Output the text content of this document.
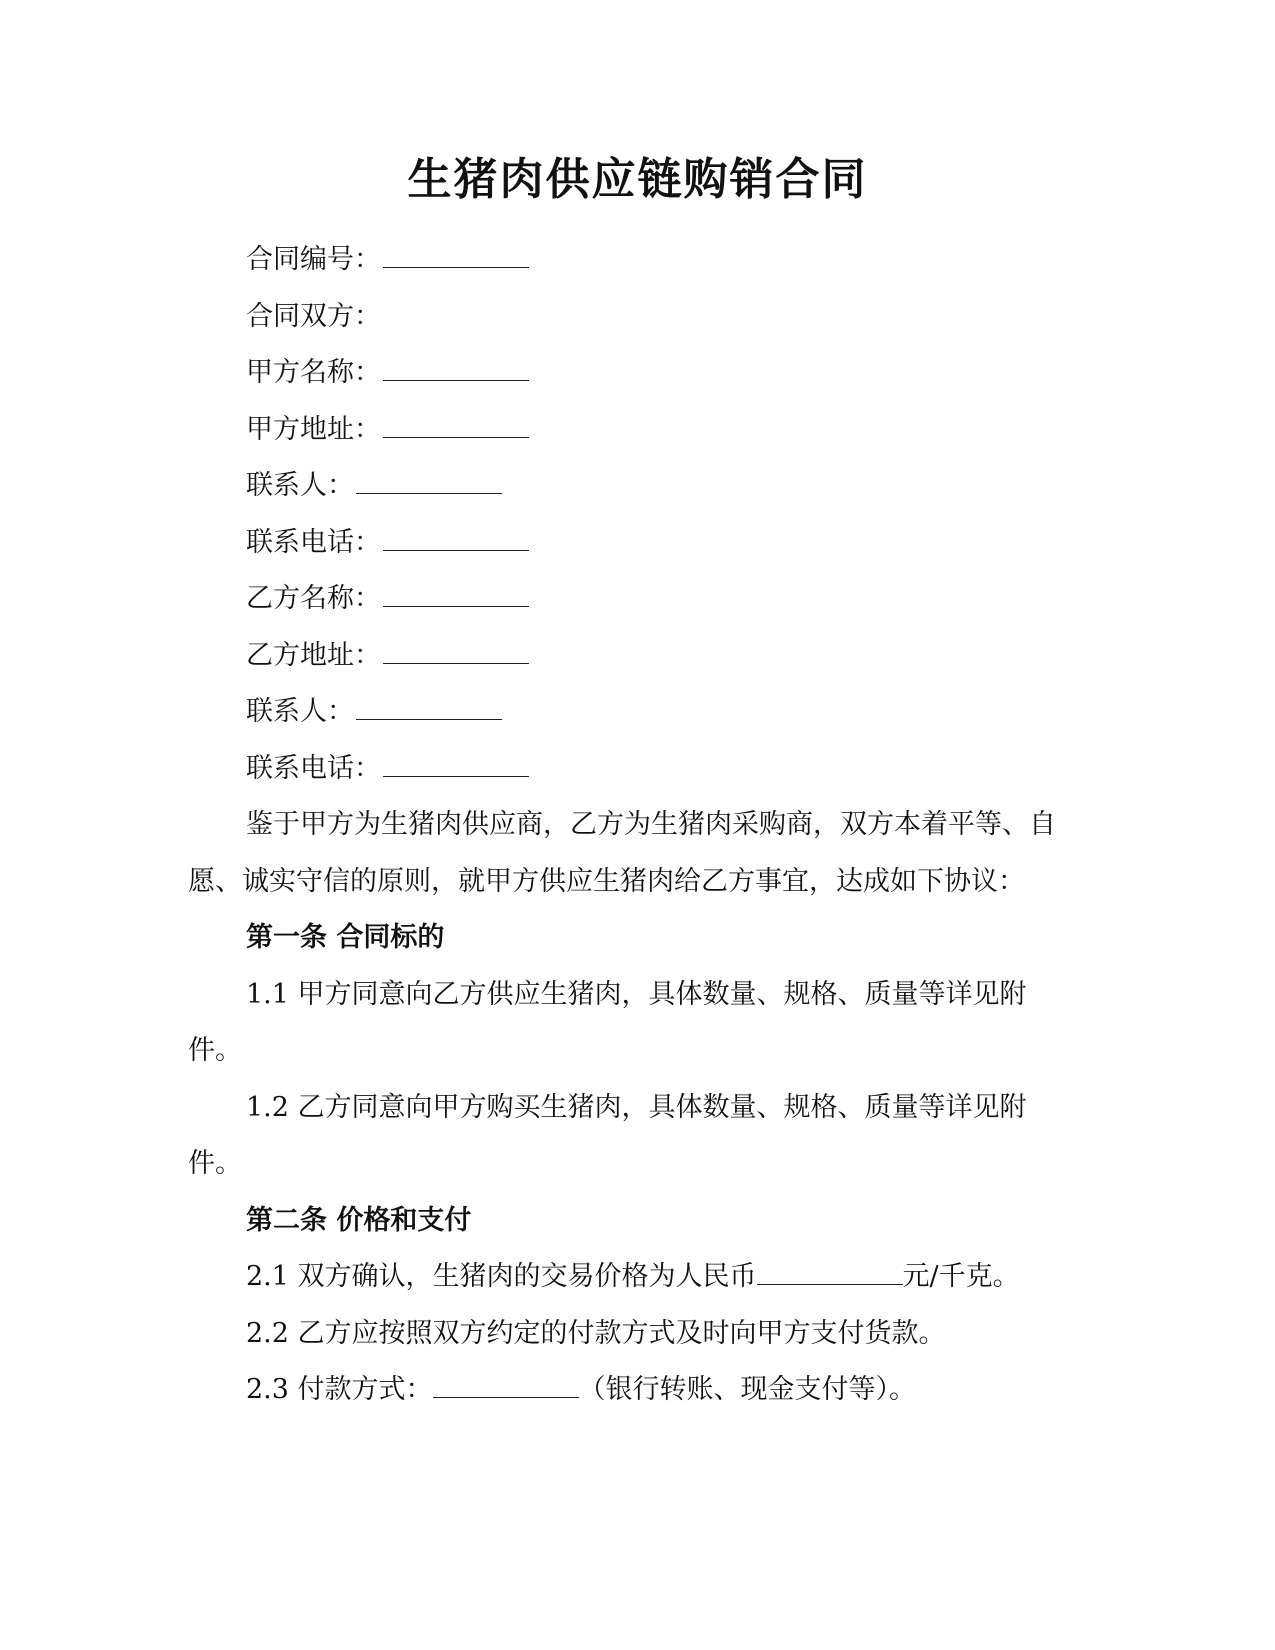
生猪肉供应链购销合同
合同编号：
合同双方：
甲方名称：
甲方地址：
联系人：
联系电话：
乙方名称：
乙方地址：
联系人：
联系电话：
鉴于甲方为生猪肉供应商，乙方为生猪肉采购商，双方本着平等、自愿、诚实守信的原则，就甲方供应生猪肉给乙方事宜，达成如下协议：
第一条 合同标的
1.1 甲方同意向乙方供应生猪肉，具体数量、规格、质量等详见附件。
1.2 乙方同意向甲方购买生猪肉，具体数量、规格、质量等详见附件。
第二条 价格和支付
2.1 双方确认，生猪肉的交易价格为人民币	元/千克。
2.2 乙方应按照双方约定的付款方式及时向甲方支付货款。
2.3 付款方式：	（银行转账、现金支付等）。
